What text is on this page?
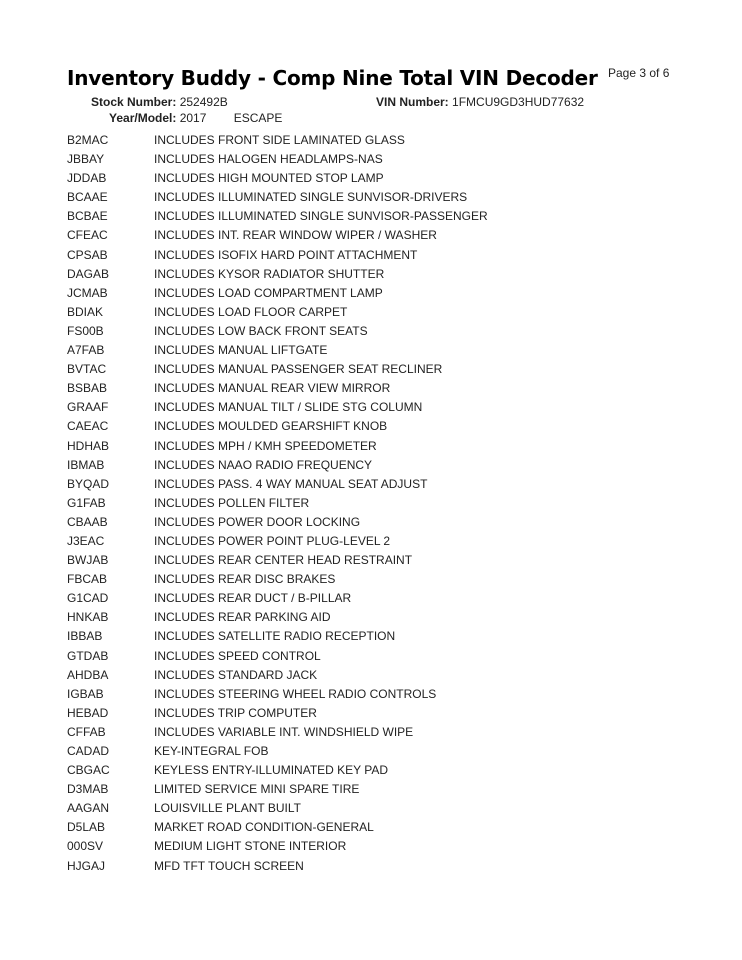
Inventory Buddy - Comp Nine Total VIN Decoder Page 3 of 6
Stock Number: 252492B	VIN Number: 1FMCU9GD3HUD77632
Year/Model: 2017 ESCAPE
B2MAC	INCLUDES FRONT SIDE LAMINATED GLASS
JBBAY	INCLUDES HALOGEN HEADLAMPS-NAS
JDDAB	INCLUDES HIGH MOUNTED STOP LAMP
BCAAE	INCLUDES ILLUMINATED SINGLE SUNVISOR-DRIVERS
BCBAE	INCLUDES ILLUMINATED SINGLE SUNVISOR-PASSENGER
CFEAC	INCLUDES INT. REAR WINDOW WIPER / WASHER
CPSAB	INCLUDES ISOFIX HARD POINT ATTACHMENT
DAGAB	INCLUDES KYSOR RADIATOR SHUTTER
JCMAB	INCLUDES LOAD COMPARTMENT LAMP
BDIAK	INCLUDES LOAD FLOOR CARPET
FS00B	INCLUDES LOW BACK FRONT SEATS
A7FAB	INCLUDES MANUAL LIFTGATE
BVTAC	INCLUDES MANUAL PASSENGER SEAT RECLINER
BSBAB	INCLUDES MANUAL REAR VIEW MIRROR
GRAAF	INCLUDES MANUAL TILT / SLIDE STG COLUMN
CAEAC	INCLUDES MOULDED GEARSHIFT KNOB
HDHAB	INCLUDES MPH / KMH SPEEDOMETER
IBMAB	INCLUDES NAAO RADIO FREQUENCY
BYQAD	INCLUDES PASS. 4 WAY MANUAL SEAT ADJUST
G1FAB	INCLUDES POLLEN FILTER
CBAAB	INCLUDES POWER DOOR LOCKING
J3EAC	INCLUDES POWER POINT PLUG-LEVEL 2
BWJAB	INCLUDES REAR CENTER HEAD RESTRAINT
FBCAB	INCLUDES REAR DISC BRAKES
G1CAD	INCLUDES REAR DUCT / B-PILLAR
HNKAB	INCLUDES REAR PARKING AID
IBBAB	INCLUDES SATELLITE RADIO RECEPTION
GTDAB	INCLUDES SPEED CONTROL
AHDBA	INCLUDES STANDARD JACK
IGBAB	INCLUDES STEERING WHEEL RADIO CONTROLS
HEBAD	INCLUDES TRIP COMPUTER
CFFAB	INCLUDES VARIABLE INT. WINDSHIELD WIPE
CADAD	KEY-INTEGRAL FOB
CBGAC	KEYLESS ENTRY-ILLUMINATED KEY PAD
D3MAB	LIMITED SERVICE MINI SPARE TIRE
AAGAN	LOUISVILLE PLANT BUILT
D5LAB	MARKET ROAD CONDITION-GENERAL
000SV	MEDIUM LIGHT STONE INTERIOR
HJGAJ	MFD TFT TOUCH SCREEN
